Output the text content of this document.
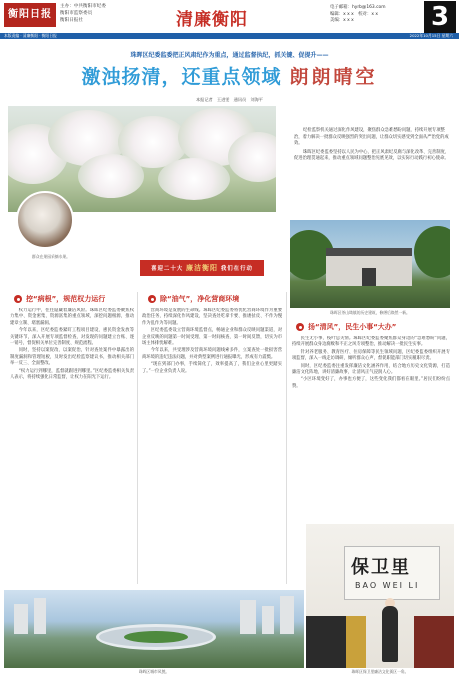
衡阳日报
主办：中共衡阳市纪委
衡阳市监察委员
衡阳日报社	清廉衡阳
电子邮箱：hyrb@163.com
编辑：x x x　校对：x x
美编：x x x	3
本版责编 · 清廉衡阳 · 衡阳日报	2022年10月15日 星期六
珠晖区纪委监委把正风肃纪作为重点，通过监督执纪，抓关键、促提升——
激浊扬清，还重点领域 朗朗晴空
本报记者　王进雯　通讯员　刘海平
群众在果园采摘水果。

纪检监察机关通过深化作风建设，聚焦群众急难愁盼问题，持续开展专项整治，着力解决一批群众反映强烈的突出问题，让群众切实感受到全面从严治党的成效。

珠晖区纪委监委坚持以人民为中心，把正风肃纪反腐与深化改革、完善制度、促进治理贯通起来，推动重点领域问题整治见底见效，以实际行动践行初心使命。

珠晖区茶山坳镇的历史建筑，修缮后焕然一新。
喜迎二十大 廉洁衡阳 我们在行动
挖“病根”，规范权力运行

权力运行中，往往隐藏着廉洁风险。珠晖区纪委监委聚焦权力集中、资金密集、资源富集的重点领域，深挖问题根源，推动建章立制、堵塞漏洞。

今年以来，区纪委监委紧盯工程项目建设、惠民资金发放等关键环节，深入开展专项监督检查，对发现的问题建立台账、逐一销号，督促相关单位完善制度、规范流程。

同时，坚持以案促改、以案促治，针对查处案件中暴露出的制度漏洞和管理短板，及时发出纪检监察建议书，推动相关部门举一反三、全面整改。

“权力运行到哪里，监督就跟进到哪里。”区纪委监委相关负责人表示，将持续强化日常监督，让权力在阳光下运行。

除“油气”，净化营商环境

营商环境是发展的生命线。珠晖区纪委监委将优化营商环境作为重要政治任务，持续深化作风建设，坚决查处吃拿卡要、推诿扯皮、不作为慢作为乱作为等问题。

区纪委监委设立营商环境监督点，畅通企业和群众反映问题渠道，对企业反映的问题第一时间受理、第一时间核查、第一时间反馈，切实为市场主体排忧解难。

今年以来，共受理涉及营商环境问题线索多件，立案查处一批损害营商环境的违纪违法问题，并对典型案例进行通报曝光，形成有力震慑。

“现在到部门办事，手续简化了，效率提高了，我们企业心里更踏实了。”一位企业负责人说。

扬“清风”，民生小事“大办”

民生无小事，枝叶总关情。珠晖区纪委监委聚焦群众身边的“急难愁盼”问题，持续开展群众身边腐败和不正之风专项整治，推动解决一批民生实事。

针对养老服务、教育医疗、住房保障等民生领域问题，区纪委监委组织开展专项监督，深入一线走访调研，倾听群众心声，督促职能部门切实履职尽责。

同时，区纪委监委注重发挥廉洁文化涵养作用，结合地方历史文化资源，打造廉洁文化阵地，讲好清廉故事，让清风正气浸润人心。

“小区环境变好了，办事也方便了，这些变化我们都看在眼里。”居民们纷纷点赞。

珠晖区城市风貌。
保卫里
BAO WEI LI
珠晖区保卫里廉洁文化街区一角。
